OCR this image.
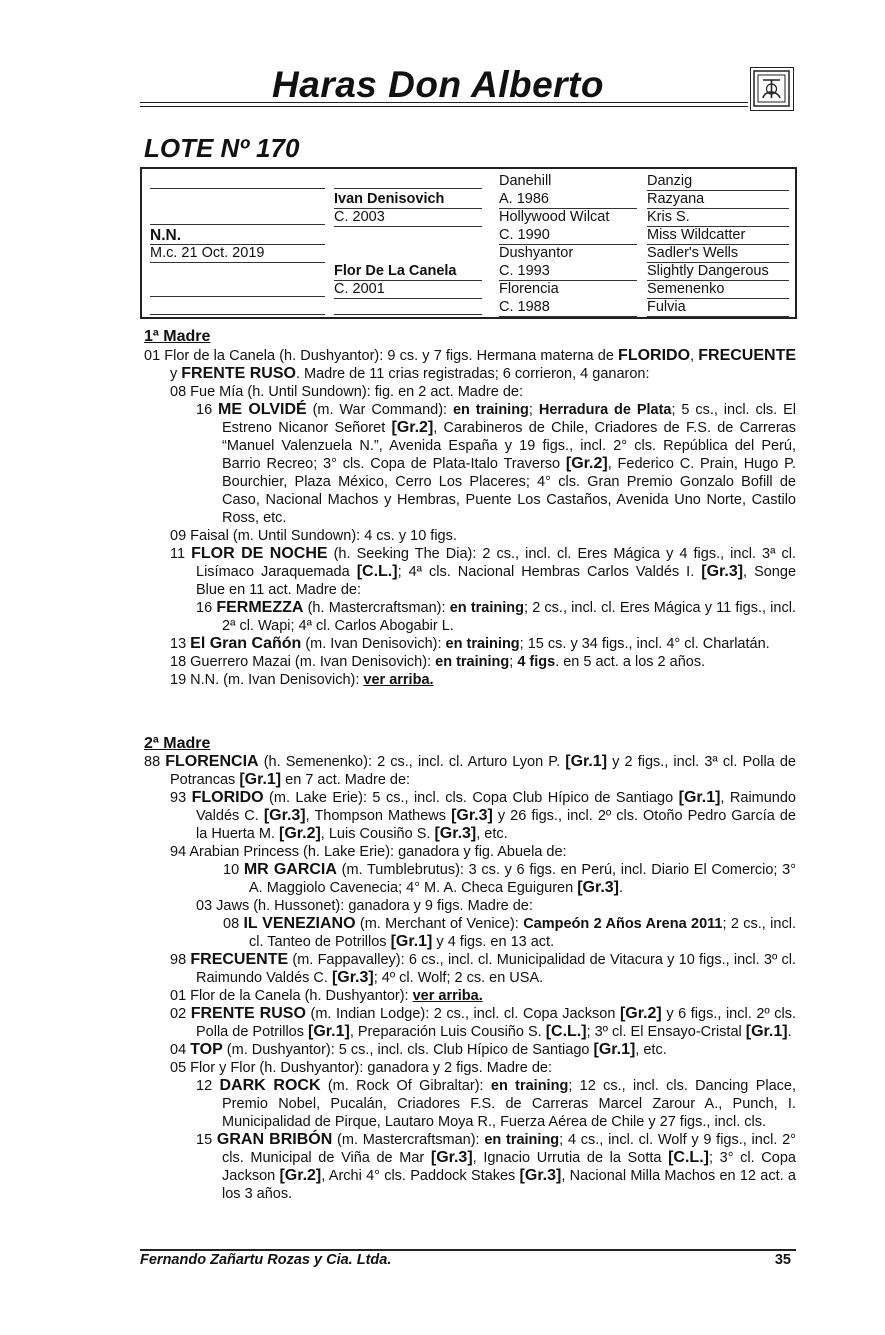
Haras Don Alberto
LOTE Nº 170
N.N.
M.c. 21 Oct. 2019
Ivan Denisovich
C. 2003
Flor De La Canela
C. 2001
Danehill
A. 1986
Hollywood Wilcat
C. 1990
Dushyantor
C. 1993
Florencia
C. 1988
Danzig
Razyana
Kris S.
Miss Wildcatter
Sadler's Wells
Slightly Dangerous
Semenenko
Fulvia
1ª Madre

01 Flor de la Canela (h. Dushyantor): 9 cs. y 7 figs. Hermana materna de FLORIDO, FRECUENTE y FRENTE RUSO. Madre de 11 crias registradas; 6 corrieron, 4 ganaron:

08 Fue Mía (h. Until Sundown): fig. en 2 act. Madre de:

16 ME OLVIDÉ (m. War Command): en training; Herradura de Plata; 5 cs., incl. cls. El Estreno Nicanor Señoret [Gr.2], Carabineros de Chile, Criadores de F.S. de Carreras “Manuel Valenzuela N.”, Avenida España y 19 figs., incl. 2° cls. República del Perú, Barrio Recreo; 3° cls. Copa de Plata-Italo Traverso [Gr.2], Federico C. Prain, Hugo P. Bourchier, Plaza México, Cerro Los Placeres; 4° cls. Gran Premio Gonzalo Bofill de Caso, Nacional Machos y Hembras, Puente Los Castaños, Avenida Uno Norte, Castilo Ross, etc.

09 Faisal (m. Until Sundown): 4 cs. y 10 figs.

11 FLOR DE NOCHE (h. Seeking The Dia): 2 cs., incl. cl. Eres Mágica y 4 figs., incl. 3ª cl. Lisímaco Jaraquemada [C.L.]; 4ª cls. Nacional Hembras Carlos Valdés I. [Gr.3], Songe Blue en 11 act. Madre de:

16 FERMEZZA (h. Mastercraftsman): en training; 2 cs., incl. cl. Eres Mágica y 11 figs., incl. 2ª cl. Wapi; 4ª cl. Carlos Abogabir L.

13 El Gran Cañón (m. Ivan Denisovich): en training; 15 cs. y 34 figs., incl. 4° cl. Charlatán.

18 Guerrero Mazai (m. Ivan Denisovich): en training; 4 figs. en 5 act. a los 2 años.

19 N.N. (m. Ivan Denisovich): ver arriba.

2ª Madre

88 FLORENCIA (h. Semenenko): 2 cs., incl. cl. Arturo Lyon P. [Gr.1] y 2 figs., incl. 3ª cl. Polla de Potrancas [Gr.1] en 7 act. Madre de:

93 FLORIDO (m. Lake Erie): 5 cs., incl. cls. Copa Club Hípico de Santiago [Gr.1], Raimundo Valdés C. [Gr.3], Thompson Mathews [Gr.3] y 26 figs., incl. 2º cls. Otoño Pedro García de la Huerta M. [Gr.2], Luis Cousiño S. [Gr.3], etc.

94 Arabian Princess (h. Lake Erie): ganadora y fig. Abuela de:

10 MR GARCIA (m. Tumblebrutus): 3 cs. y 6 figs. en Perú, incl. Diario El Comercio; 3° A. Maggiolo Cavenecia; 4° M. A. Checa Eguiguren [Gr.3].

03 Jaws (h. Hussonet): ganadora y 9 figs. Madre de:

08 IL VENEZIANO (m. Merchant of Venice): Campeón 2 Años Arena 2011; 2 cs., incl. cl. Tanteo de Potrillos [Gr.1] y 4 figs. en 13 act.

98 FRECUENTE (m. Fappavalley): 6 cs., incl. cl. Municipalidad de Vitacura y 10 figs., incl. 3º cl. Raimundo Valdés C. [Gr.3]; 4º cl. Wolf; 2 cs. en USA.

01 Flor de la Canela (h. Dushyantor): ver arriba.

02 FRENTE RUSO (m. Indian Lodge): 2 cs., incl. cl. Copa Jackson [Gr.2] y 6 figs., incl. 2º cls. Polla de Potrillos [Gr.1], Preparación Luis Cousiño S. [C.L.]; 3º cl. El Ensayo-Cristal [Gr.1].

04 TOP (m. Dushyantor): 5 cs., incl. cls. Club Hípico de Santiago [Gr.1], etc.

05 Flor y Flor (h. Dushyantor): ganadora y 2 figs. Madre de:

12 DARK ROCK (m. Rock Of Gibraltar): en training; 12 cs., incl. cls. Dancing Place, Premio Nobel, Pucalán, Criadores F.S. de Carreras Marcel Zarour A., Punch, I. Municipalidad de Pirque, Lautaro Moya R., Fuerza Aérea de Chile y 27 figs., incl. cls.

15 GRAN BRIBÓN (m. Mastercraftsman): en training; 4 cs., incl. cl. Wolf y 9 figs., incl. 2° cls. Municipal de Viña de Mar [Gr.3], Ignacio Urrutia de la Sotta [C.L.]; 3° cl. Copa Jackson [Gr.2], Archi 4° cls. Paddock Stakes [Gr.3], Nacional Milla Machos en 12 act. a los 3 años.

Fernando Zañartu Rozas y Cia. Ltda.	35
